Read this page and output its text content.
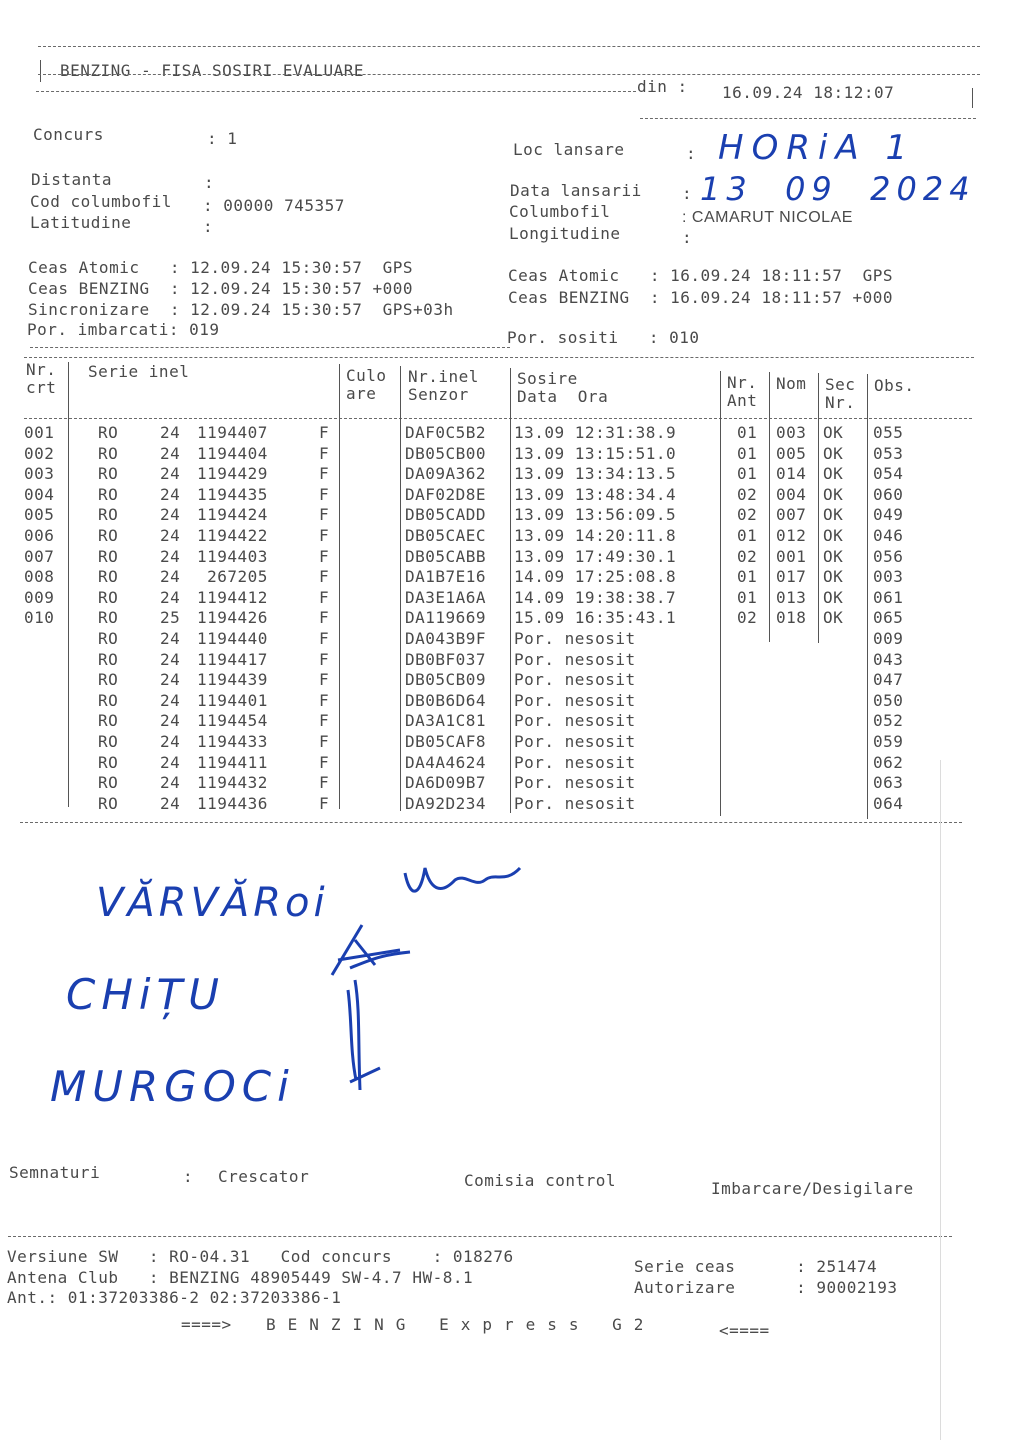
BENZING - FISA SOSIRI EVALUARE
din : 16.09.24 18:12:07
Concurs	: 1
Loc lansare	: HORiA 1
Distanta	:	Data lansarii	: 13  09  2024
Cod columbofil : 00000 745357	Columbofil	: CAMARUT NICOLAE
Latitudine	:	Longitudine	:
Ceas Atomic   : 12.09.24 15:30:57  GPS
Ceas BENZING  : 12.09.24 15:30:57 +000
Sincronizare  : 12.09.24 15:30:57  GPS+03h
Por. imbarcati: 019
Ceas Atomic   : 16.09.24 18:11:57  GPS
Ceas BENZING  : 16.09.24 18:11:57 +000
Por. sositi   : 010
Nr.
crt
Serie inel	Culo
are
Nr.inel
Senzor
Sosire
Data  Ora
Nr.
Ant
Nom Sec
Nr.
Obs.
001	RO	24 1194407	F	DAF0C5B2 13.09 12:31:38.9	01 003 OK 055
002	RO	24 1194404	F	DB05CB00 13.09 13:15:51.0	01 005 OK 053
003	RO	24 1194429	F	DA09A362 13.09 13:34:13.5	01 014 OK 054
004	RO	24 1194435	F	DAF02D8E 13.09 13:48:34.4	02 004 OK 060
005	RO	24 1194424	F	DB05CADD 13.09 13:56:09.5	02 007 OK 049
006	RO	24 1194422	F	DB05CAEC 13.09 14:20:11.8	01 012 OK 046
007	RO	24 1194403	F	DB05CABB 13.09 17:49:30.1	02 001 OK 056
008	RO	24 267205	F	DA1B7E16 14.09 17:25:08.8	01 017 OK 003
009	RO	24 1194412	F	DA3E1A6A 14.09 19:38:38.7	01 013 OK 061
010	RO	25 1194426	F	DA119669 15.09 16:35:43.1	02 018 OK 065
RO	24 1194440	F	DA043B9F Por. nesosit	009
RO	24 1194417	F	DB0BF037 Por. nesosit	043
RO	24 1194439	F	DB05CB09 Por. nesosit	047
RO	24 1194401	F	DB0B6D64 Por. nesosit	050
RO	24 1194454	F	DA3A1C81 Por. nesosit	052
RO	24 1194433	F	DB05CAF8 Por. nesosit	059
RO	24 1194411	F	DA4A4624 Por. nesosit	062
RO	24 1194432	F	DA6D09B7 Por. nesosit	063
RO	24 1194436	F	DA92D234 Por. nesosit	064
VĂRVĂRoi
CHiȚU
MURGOCi
Semnaturi	: Crescator	Comisia control	Imbarcare/Desigilare
Versiune SW   : RO-04.31   Cod concurs    : 018276
Antena Club   : BENZING 48905449 SW-4.7 HW-8.1
Ant.: 01:37203386-2 02:37203386-1
Serie ceas      : 251474
Autorizare      : 90002193
====> BENZING Express G2	<====
